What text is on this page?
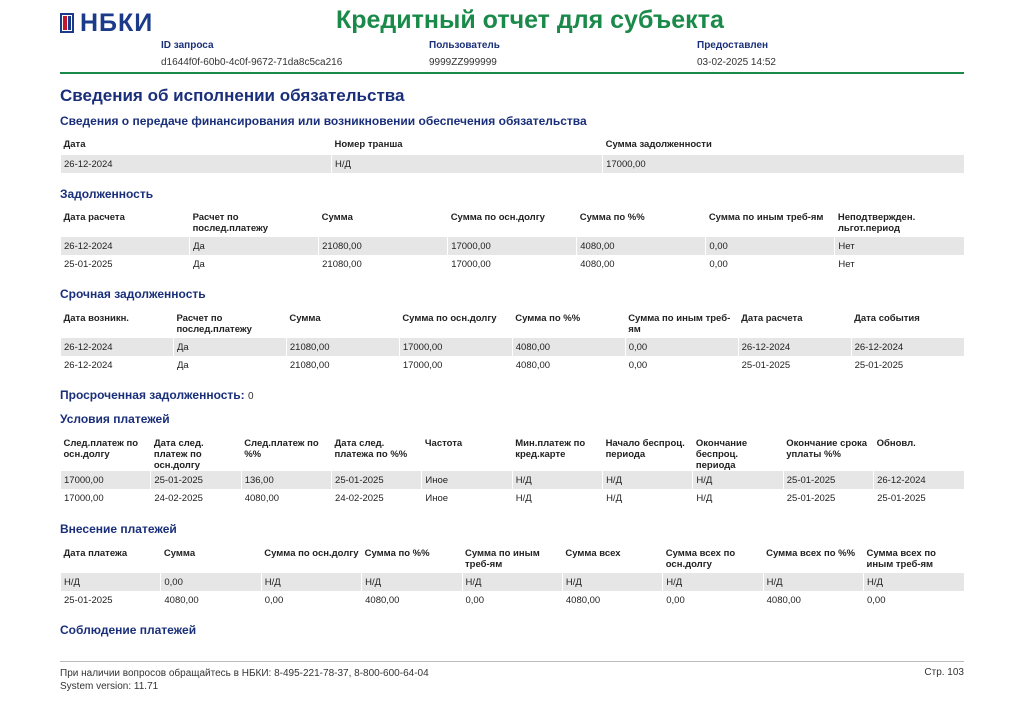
НБКИ	Кредитный отчет для субъекта
ID запроса
d1644f0f-60b0-4c0f-9672-71da8c5ca216
Пользователь
9999ZZ999999
Предоставлен
03-02-2025 14:52
Сведения об исполнении обязательства
Сведения о передаче финансирования или возникновении обеспечения обязательства
Дата	Номер транша	Сумма задолженности
26-12-2024	Н/Д	17000,00
Задолженность
Дата расчета	Расчет по послед.платежу	Сумма	Сумма по осн.долгу	Сумма по %%	Сумма по иным треб-ям	Неподтвержден. льгот.период
26-12-2024	Да	21080,00	17000,00	4080,00	0,00	Нет
25-01-2025	Да	21080,00	17000,00	4080,00	0,00	Нет
Срочная задолженность
Дата возникн.	Расчет по послед.платежу	Сумма	Сумма по осн.долгу	Сумма по %%	Сумма по иным треб-ям	Дата расчета	Дата события
26-12-2024	Да	21080,00	17000,00	4080,00	0,00	26-12-2024	26-12-2024
26-12-2024	Да	21080,00	17000,00	4080,00	0,00	25-01-2025	25-01-2025
Просроченная задолженность: 0
Условия платежей
След.платеж по осн.долгу	Дата след. платеж по осн.долгу	След.платеж по %%	Дата след. платежа по %%	Частота	Мин.платеж по кред.карте	Начало беспроц. периода	Окончание беспроц. периода	Окончание срока уплаты %%	Обновл.
17000,00	25-01-2025	136,00	25-01-2025	Иное	Н/Д	Н/Д	Н/Д	25-01-2025	26-12-2024
17000,00	24-02-2025	4080,00	24-02-2025	Иное	Н/Д	Н/Д	Н/Д	25-01-2025	25-01-2025
Внесение платежей
Дата платежа	Сумма	Сумма по осн.долгу	Сумма по %%	Сумма по иным треб-ям	Сумма всех	Сумма всех по осн.долгу	Сумма всех по %%	Сумма всех по иным треб-ям
Н/Д	0,00	Н/Д	Н/Д	Н/Д	Н/Д	Н/Д	Н/Д	Н/Д
25-01-2025	4080,00	0,00	4080,00	0,00	4080,00	0,00	4080,00	0,00
Соблюдение платежей
При наличии вопросов обращайтесь в НБКИ: 8-495-221-78-37, 8-800-600-64-04
System version: 11.71
Стр. 103
